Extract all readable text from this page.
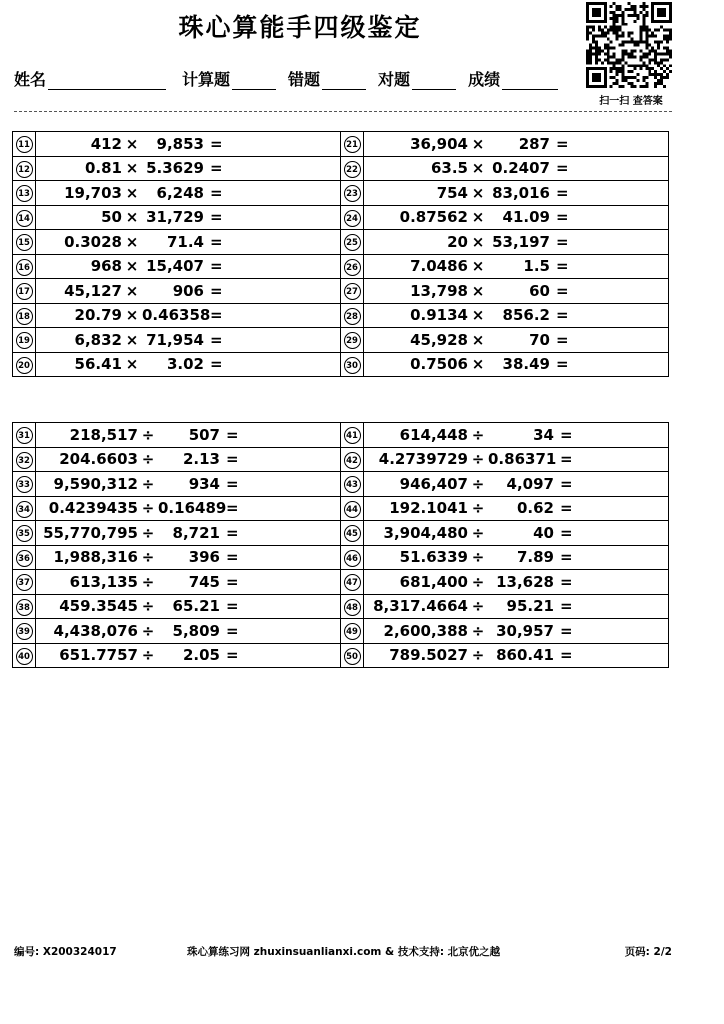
珠心算能手四级鉴定
扫一扫 查答案
姓名	计算题	错题	对题	成绩
11	412 × 9,853 =	21	36,904 × 287 =

12	0.81 × 5.3629 =	22	63.5 × 0.2407 =

13	19,703 × 6,248 =	23	754 × 83,016 =

14	50 × 31,729 =	24	0.87562 × 41.09 =

15	0.3028 × 71.4 =	25	20 × 53,197 =

16	968 × 15,407 =	26	7.0486 × 1.5 =

17	45,127 × 906 =	27	13,798 × 60 =

18	20.79 × 0.46358 =	28	0.9134 × 856.2 =

19	6,832 × 71,954 =	29	45,928 × 70 =

20	56.41 × 3.02 =	30	0.7506 × 38.49 =
31	218,517 ÷ 507 =	41	614,448 ÷ 34 =

32	204.6603 ÷ 2.13 =	42	4.2739729 ÷ 0.86371 =

33	9,590,312 ÷ 934 =	43	946,407 ÷ 4,097 =

34	0.4239435 ÷ 0.16489 =	44	192.1041 ÷ 0.62 =

35	55,770,795 ÷ 8,721 =	45	3,904,480 ÷ 40 =

36	1,988,316 ÷ 396 =	46	51.6339 ÷ 7.89 =

37	613,135 ÷ 745 =	47	681,400 ÷ 13,628 =

38	459.3545 ÷ 65.21 =	48	8,317.4664 ÷ 95.21 =

39	4,438,076 ÷ 5,809 =	49	2,600,388 ÷ 30,957 =

40	651.7757 ÷ 2.05 =	50	789.5027 ÷ 860.41 =
编号: X200324017	珠心算练习网 zhuxinsuanlianxi.com & 技术支持: 北京优之越	页码: 2/2
